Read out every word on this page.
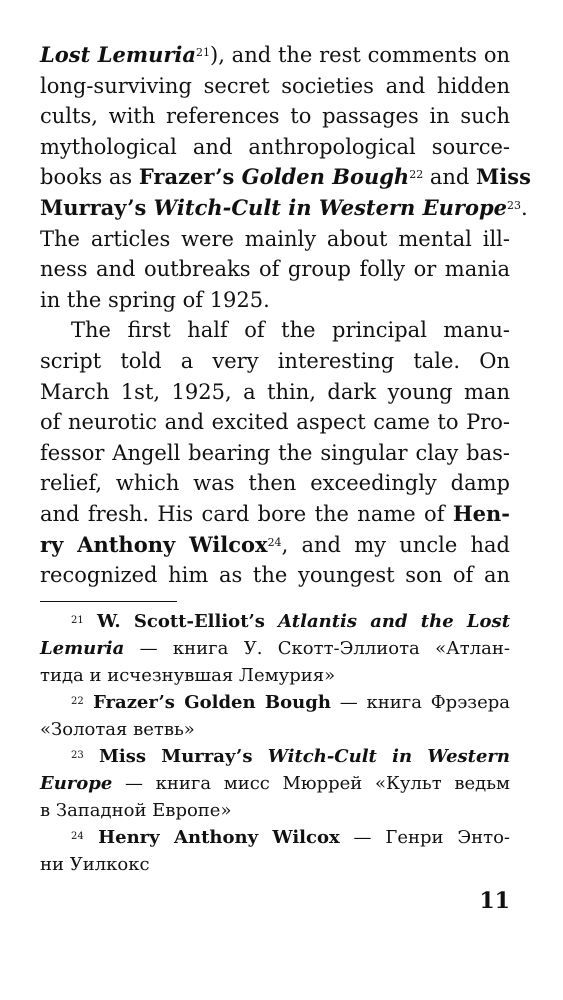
Lost Lemuria$^{21}$), and the rest comments on
long-surviving secret societies and hidden
cults, with references to passages in such
mythological and anthropological source-
books as Frazer’s Golden Bough$^{22}$ and Miss
Murray’s Witch-Cult in Western Europe$^{23}$.
The articles were mainly about mental ill-
ness and outbreaks of group folly or mania
in the spring of 1925.
The first half of the principal manu-
script told a very interesting tale. On
March 1st, 1925, a thin, dark young man
of neurotic and excited aspect came to Pro-
fessor Angell bearing the singular clay bas-
relief, which was then exceedingly damp
and fresh. His card bore the name of Hen-
ry Anthony Wilcox$^{24}$, and my uncle had
recognized him as the youngest son of an
$^{21}$ W. Scott-Elliot’s Atlantis and the Lost
Lemuria — книга У. Скотт-Эллиота «Атлан-
тида и исчезнувшая Лемурия»
$^{22}$ Frazer’s Golden Bough — книга Фрэзера
«Золотая ветвь»
$^{23}$ Miss Murray’s Witch-Cult in Western
Europe — книга мисс Мюррей «Культ ведьм
в Западной Европе»
$^{24}$ Henry Anthony Wilcox — Генри Энто-
ни Уилкокс
11
